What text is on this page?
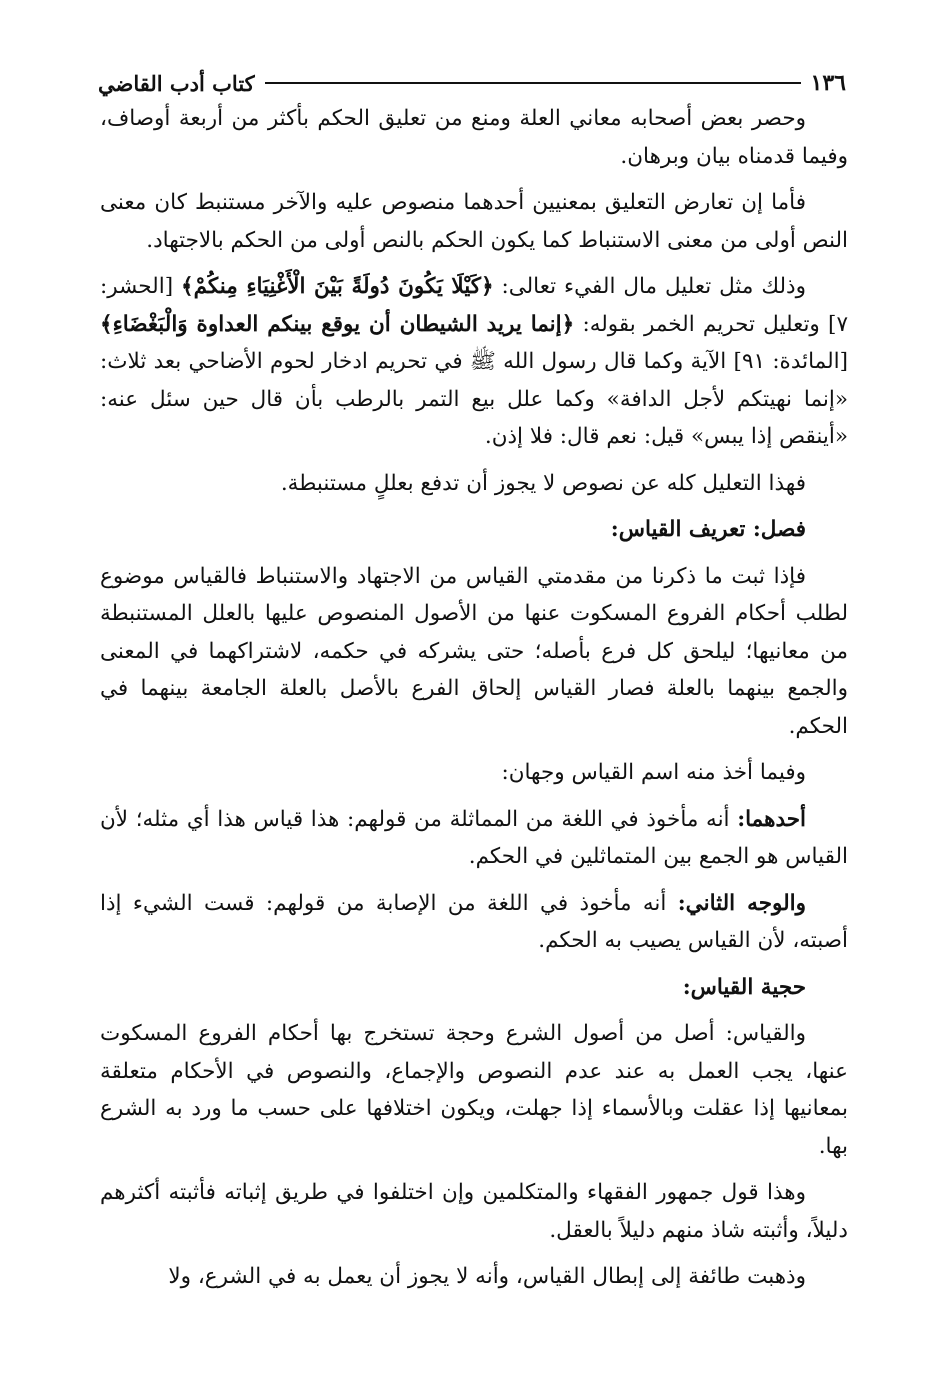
١٣٦
كتاب أدب القاضي

وحصر بعض أصحابه معاني العلة ومنع من تعليق الحكم بأكثر من أربعة أوصاف، وفيما قدمناه بيان وبرهان.

فأما إن تعارض التعليق بمعنيين أحدهما منصوص عليه والآخر مستنبط كان معنى النص أولى من معنى الاستنباط كما يكون الحكم بالنص أولى من الحكم بالاجتهاد.

وذلك مثل تعليل مال الفيء تعالى: ﴿كَيْلَا يَكُونَ دُولَةً بَيْنَ الْأَغْنِيَاءِ مِنكُمْ﴾ [الحشر: ٧] وتعليل تحريم الخمر بقوله: ﴿إنما يريد الشيطان أن يوقع بينكم العداوة وَالْبَغْضَاءِ﴾ [المائدة: ٩١] الآية وكما قال رسول الله ﷺ في تحريم ادخار لحوم الأضاحي بعد ثلاث: «إنما نهيتكم لأجل الدافة» وكما علل بيع التمر بالرطب بأن قال حين سئل عنه: «أينقص إذا يبس» قيل: نعم قال: فلا إذن.

فهذا التعليل كله عن نصوص لا يجوز أن تدفع بعللٍ مستنبطة.

فصل: تعريف القياس:

فإذا ثبت ما ذكرنا من مقدمتي القياس من الاجتهاد والاستنباط فالقياس موضوع لطلب أحكام الفروع المسكوت عنها من الأصول المنصوص عليها بالعلل المستنبطة من معانيها؛ ليلحق كل فرع بأصله؛ حتى يشركه في حكمه، لاشتراكهما في المعنى والجمع بينهما بالعلة فصار القياس إلحاق الفرع بالأصل بالعلة الجامعة بينهما في الحكم.

وفيما أخذ منه اسم القياس وجهان:

أحدهما: أنه مأخوذ في اللغة من المماثلة من قولهم: هذا قياس هذا أي مثله؛ لأن القياس هو الجمع بين المتماثلين في الحكم.

والوجه الثاني: أنه مأخوذ في اللغة من الإصابة من قولهم: قست الشيء إذا أصبته، لأن القياس يصيب به الحكم.

حجية القياس:

والقياس: أصل من أصول الشرع وحجة تستخرج بها أحكام الفروع المسكوت عنها، يجب العمل به عند عدم النصوص والإجماع، والنصوص في الأحكام متعلقة بمعانيها إذا عقلت وبالأسماء إذا جهلت، ويكون اختلافها على حسب ما ورد به الشرع بها.

وهذا قول جمهور الفقهاء والمتكلمين وإن اختلفوا في طريق إثباته فأثبته أكثرهم دليلاً، وأثبته شاذ منهم دليلاً بالعقل.

وذهبت طائفة إلى إبطال القياس، وأنه لا يجوز أن يعمل به في الشرع، ولا
